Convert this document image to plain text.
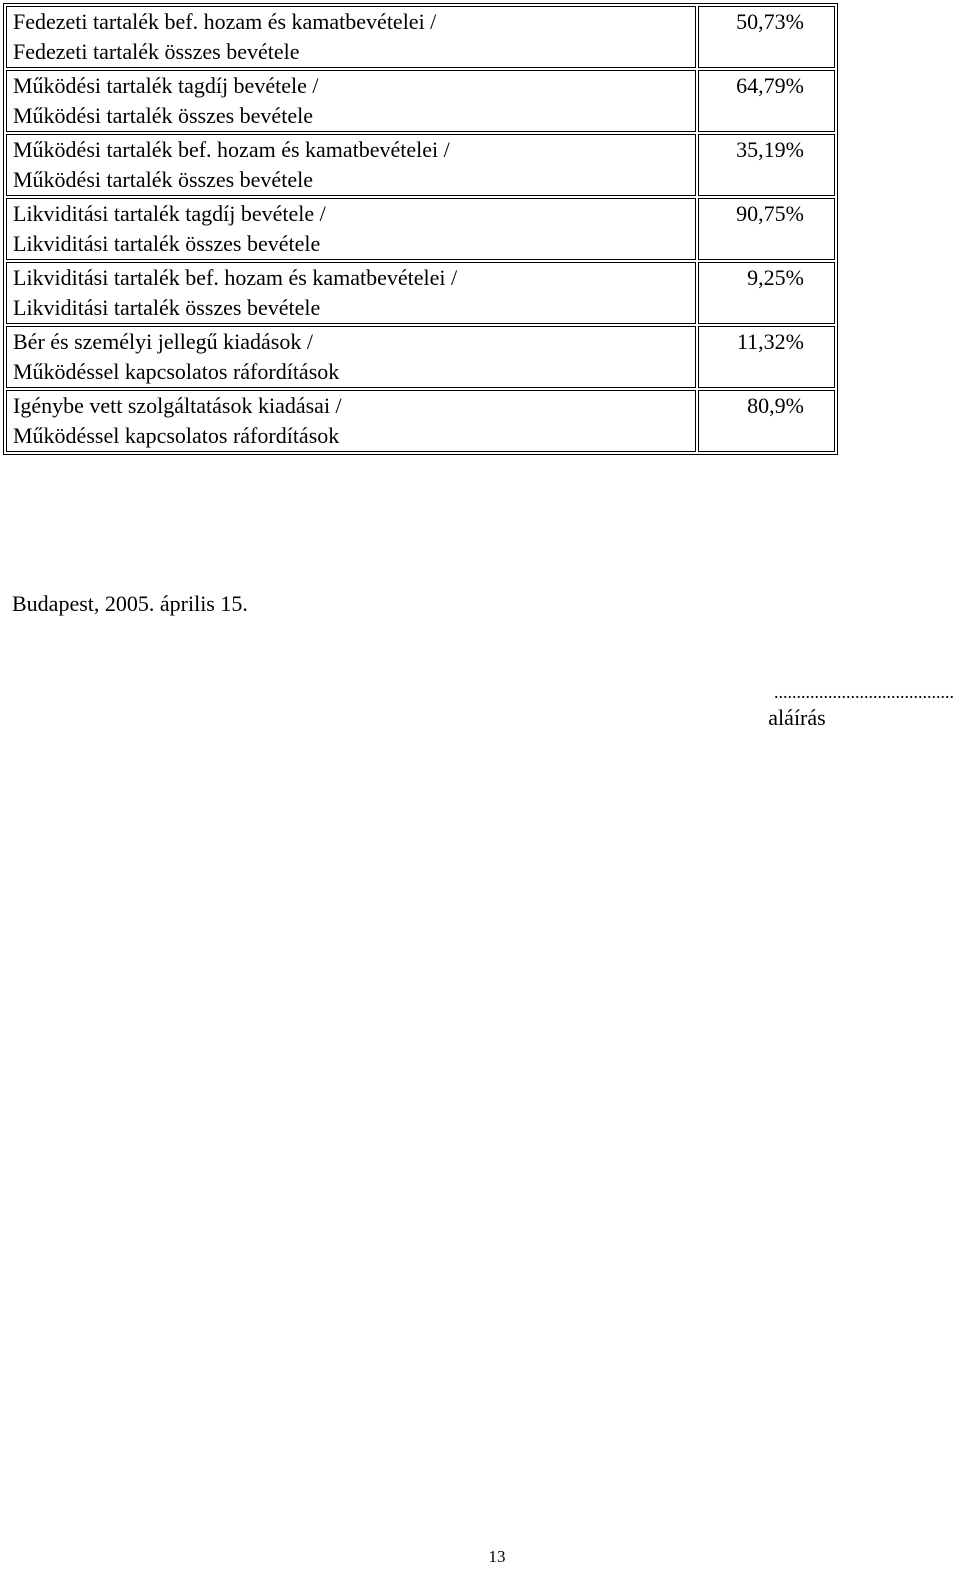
Fedezeti tartalék bef. hozam és kamatbevételei /
Fedezeti tartalék összes bevétele	50,73%

Működési tartalék tagdíj bevétele /
Működési tartalék összes bevétele	64,79%

Működési tartalék bef. hozam és kamatbevételei /
Működési tartalék összes bevétele	35,19%

Likviditási tartalék tagdíj bevétele /
Likviditási tartalék összes bevétele	90,75%

Likviditási tartalék bef. hozam és kamatbevételei /
Likviditási tartalék összes bevétele	9,25%

Bér és személyi jellegű kiadások /
Működéssel kapcsolatos ráfordítások	11,32%

Igénybe vett szolgáltatások kiadásai /
Működéssel kapcsolatos ráfordítások	80,9%
Budapest, 2005. április 15.
........................................
aláírás
13
